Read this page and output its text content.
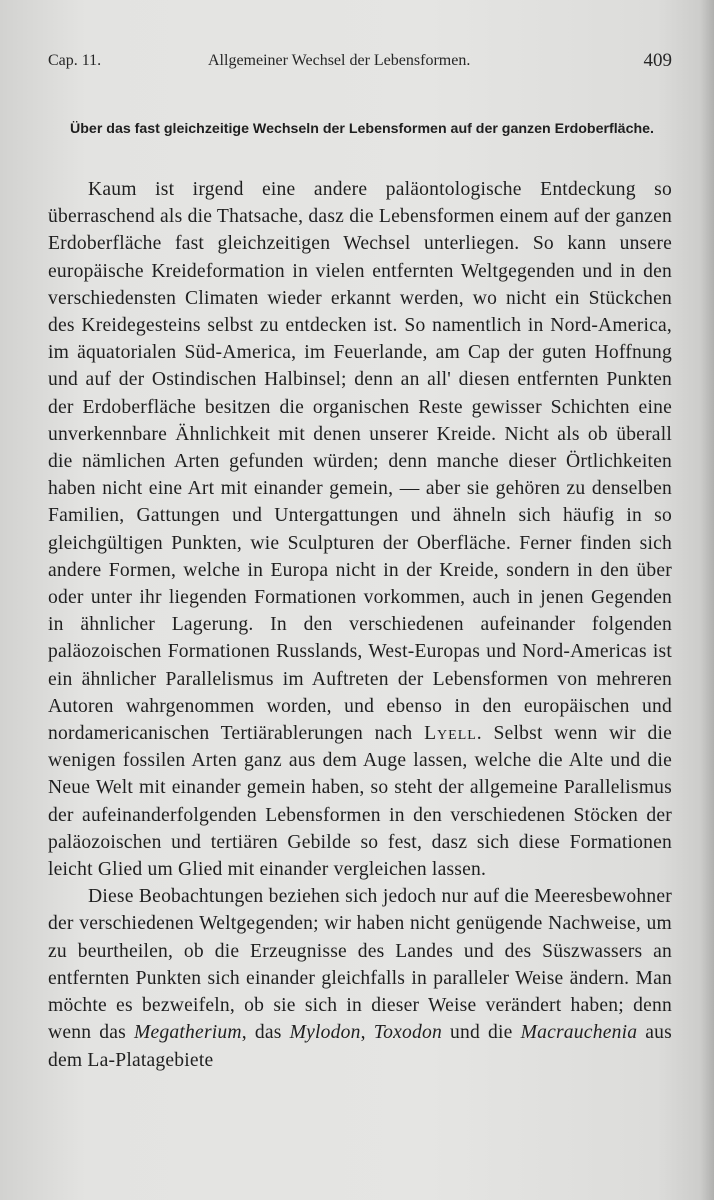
Cap. 11.	Allgemeiner Wechsel der Lebensformen.	409
Über das fast gleichzeitige Wechseln der Lebensformen auf der ganzen Erdoberfläche.

Kaum ist irgend eine andere paläontologische Entdeckung so überraschend als die Thatsache, dasz die Lebensformen einem auf der ganzen Erdoberfläche fast gleichzeitigen Wechsel unterliegen. So kann unsere europäische Kreideformation in vielen entfernten Weltgegenden und in den verschiedensten Climaten wieder erkannt werden, wo nicht ein Stückchen des Kreidegesteins selbst zu entdecken ist. So namentlich in Nord-America, im äquatorialen Süd-America, im Feuerlande, am Cap der guten Hoffnung und auf der Ostindischen Halbinsel; denn an all' diesen entfernten Punkten der Erdoberfläche besitzen die organischen Reste gewisser Schichten eine unverkennbare Ähnlichkeit mit denen unserer Kreide. Nicht als ob überall die nämlichen Arten gefunden würden; denn manche dieser Örtlichkeiten haben nicht eine Art mit einander gemein, — aber sie gehören zu denselben Familien, Gattungen und Untergattungen und ähneln sich häufig in so gleichgültigen Punkten, wie Sculpturen der Oberfläche. Ferner finden sich andere Formen, welche in Europa nicht in der Kreide, sondern in den über oder unter ihr liegenden Formationen vorkommen, auch in jenen Gegenden in ähnlicher Lagerung. In den verschiedenen aufeinander folgenden paläozoischen Formationen Russlands, West-Europas und Nord-Americas ist ein ähnlicher Parallelismus im Auftreten der Lebensformen von mehreren Autoren wahrgenommen worden, und ebenso in den europäischen und nordamericanischen Tertiärablerungen nach Lyell. Selbst wenn wir die wenigen fossilen Arten ganz aus dem Auge lassen, welche die Alte und die Neue Welt mit einander gemein haben, so steht der allgemeine Parallelismus der aufeinanderfolgenden Lebensformen in den verschiedenen Stöcken der paläozoischen und tertiären Gebilde so fest, dasz sich diese Formationen leicht Glied um Glied mit einander vergleichen lassen.

Diese Beobachtungen beziehen sich jedoch nur auf die Meeresbewohner der verschiedenen Weltgegenden; wir haben nicht genügende Nachweise, um zu beurtheilen, ob die Erzeugnisse des Landes und des Süszwassers an entfernten Punkten sich einander gleichfalls in paralleler Weise ändern. Man möchte es bezweifeln, ob sie sich in dieser Weise verändert haben; denn wenn das Megatherium, das Mylodon, Toxodon und die Macrauchenia aus dem La-Platagebiete
